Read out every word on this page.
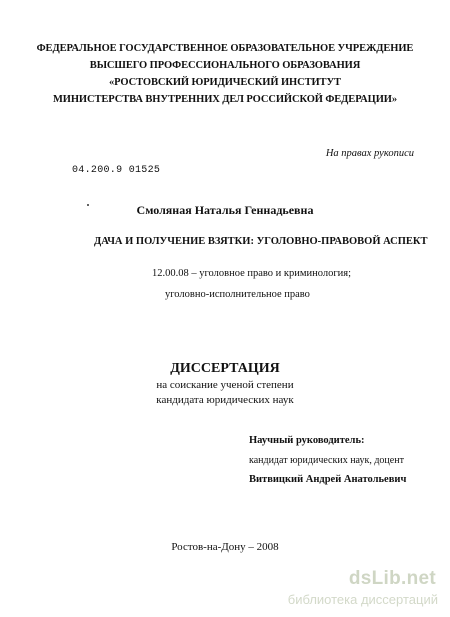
ФЕДЕРАЛЬНОЕ ГОСУДАРСТВЕННОЕ ОБРАЗОВАТЕЛЬНОЕ УЧРЕЖДЕНИЕ
ВЫСШЕГО ПРОФЕССИОНАЛЬНОГО ОБРАЗОВАНИЯ
«РОСТОВСКИЙ ЮРИДИЧЕСКИЙ ИНСТИТУТ
МИНИСТЕРСТВА ВНУТРЕННИХ ДЕЛ РОССИЙСКОЙ ФЕДЕРАЦИИ»
На правах рукописи
04.200.9 01525
Смоляная Наталья Геннадьевна
ДАЧА И ПОЛУЧЕНИЕ ВЗЯТКИ: УГОЛОВНО-ПРАВОВОЙ АСПЕКТ
12.00.08 – уголовное право и криминология;
уголовно-исполнительное право
ДИССЕРТАЦИЯ
на соискание ученой степени
кандидата юридических наук
Научный руководитель:
кандидат юридических наук, доцент
Витвицкий Андрей Анатольевич
Ростов-на-Дону – 2008
dsLib.net
библиотека диссертаций
